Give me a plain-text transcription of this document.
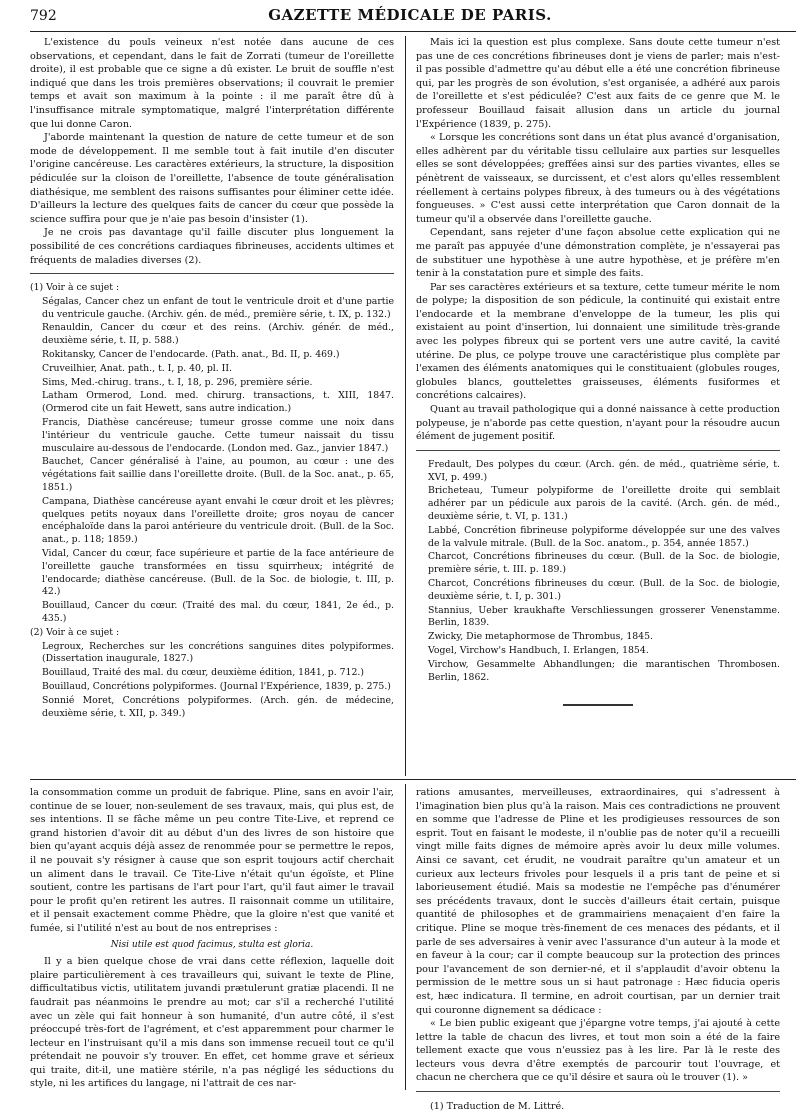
792	GAZETTE MÉDICALE DE PARIS.

L'existence du pouls veineux n'est notée dans aucune de ces observations, et cependant, dans le fait de Zorrati (tumeur de l'oreillette droite), il est probable que ce signe a dû exister. Le bruit de souffle n'est indiqué que dans les trois premières observations; il couvrait le premier temps et avait son maximum à la pointe : il me paraît être dû à l'insuffisance mitrale symptomatique, malgré l'interprétation différente que lui donne Caron.

J'aborde maintenant la question de nature de cette tumeur et de son mode de développement. Il me semble tout à fait inutile d'en discuter l'origine cancéreuse. Les caractères extérieurs, la structure, la disposition pédiculée sur la cloison de l'oreillette, l'absence de toute généralisation diathésique, me semblent des raisons suffisantes pour éliminer cette idée. D'ailleurs la lecture des quelques faits de cancer du cœur que possède la science suffira pour que je n'aie pas besoin d'insister (1).

Je ne crois pas davantage qu'il faille discuter plus longuement la possibilité de ces concrétions cardiaques fibrineuses, accidents ultimes et fréquents de maladies diverses (2).

(1) Voir à ce sujet :

Ségalas, Cancer chez un enfant de tout le ventricule droit et d'une partie du ventricule gauche. (Archiv. gén. de méd., première série, t. IX, p. 132.)

Renauldin, Cancer du cœur et des reins. (Archiv. génér. de méd., deuxième série, t. II, p. 588.)

Rokitansky, Cancer de l'endocarde. (Path. anat., Bd. II, p. 469.)

Cruveilhier, Anat. path., t. I, p. 40, pl. II.

Sims, Med.-chirug. trans., t. I, 18, p. 296, première série.

Latham Ormerod, Lond. med. chirurg. transactions, t. XIII, 1847. (Ormerod cite un fait Hewett, sans autre indication.)

Francis, Diathèse cancéreuse; tumeur grosse comme une noix dans l'intérieur du ventricule gauche. Cette tumeur naissait du tissu musculaire au-dessous de l'endocarde. (London med. Gaz., janvier 1847.)

Bauchet, Cancer généralisé à l'aine, au poumon, au cœur : une des végétations fait saillie dans l'oreillette droite. (Bull. de la Soc. anat., p. 65, 1851.)

Campana, Diathèse cancéreuse ayant envahi le cœur droit et les plèvres; quelques petits noyaux dans l'oreillette droite; gros noyau de cancer encéphaloïde dans la paroi antérieure du ventricule droit. (Bull. de la Soc. anat., p. 118; 1859.)

Vidal, Cancer du cœur, face supérieure et partie de la face antérieure de l'oreillette gauche transformées en tissu squirrheux; intégrité de l'endocarde; diathèse cancéreuse. (Bull. de la Soc. de biologie, t. III, p. 42.)

Bouillaud, Cancer du cœur. (Traité des mal. du cœur, 1841, 2e éd., p. 435.)

(2) Voir à ce sujet :

Legroux, Recherches sur les concrétions sanguines dites polypiformes. (Dissertation inaugurale, 1827.)

Bouillaud, Traité des mal. du cœur, deuxième édition, 1841, p. 712.)

Bouillaud, Concrétions polypiformes. (Journal l'Expérience, 1839, p. 275.)

Sonnié Moret, Concrétions polypiformes. (Arch. gén. de médecine, deuxième série, t. XII, p. 349.)

Mais ici la question est plus complexe. Sans doute cette tumeur n'est pas une de ces concrétions fibrineuses dont je viens de parler; mais n'est-il pas possible d'admettre qu'au début elle a été une concrétion fibrineuse qui, par les progrès de son évolution, s'est organisée, a adhéré aux parois de l'oreillette et s'est pédiculée? C'est aux faits de ce genre que M. le professeur Bouillaud faisait allusion dans un article du journal l'Expérience (1839, p. 275).

« Lorsque les concrétions sont dans un état plus avancé d'organisation, elles adhèrent par du véritable tissu cellulaire aux parties sur lesquelles elles se sont développées; greffées ainsi sur des parties vivantes, elles se pénètrent de vaisseaux, se durcissent, et c'est alors qu'elles ressemblent réellement à certains polypes fibreux, à des tumeurs ou à des végétations fongueuses. » C'est aussi cette interprétation que Caron donnait de la tumeur qu'il a observée dans l'oreillette gauche.

Cependant, sans rejeter d'une façon absolue cette explication qui ne me paraît pas appuyée d'une démonstration complète, je n'essayerai pas de substituer une hypothèse à une autre hypothèse, et je préfère m'en tenir à la constatation pure et simple des faits.

Par ses caractères extérieurs et sa texture, cette tumeur mérite le nom de polype; la disposition de son pédicule, la continuité qui existait entre l'endocarde et la membrane d'enveloppe de la tumeur, les plis qui existaient au point d'insertion, lui donnaient une similitude très-grande avec les polypes fibreux qui se portent vers une autre cavité, la cavité utérine. De plus, ce polype trouve une caractéristique plus complète par l'examen des éléments anatomiques qui le constituaient (globules rouges, globules blancs, gouttelettes graisseuses, éléments fusiformes et concrétions calcaires).

Quant au travail pathologique qui a donné naissance à cette production polypeuse, je n'aborde pas cette question, n'ayant pour la résoudre aucun élément de jugement positif.

Fredault, Des polypes du cœur. (Arch. gén. de méd., quatrième série, t. XVI, p. 499.)

Bricheteau, Tumeur polypiforme de l'oreillette droite qui semblait adhérer par un pédicule aux parois de la cavité. (Arch. gén. de méd., deuxième série, t. VI, p. 131.)

Labbé, Concrétion fibrineuse polypiforme développée sur une des valves de la valvule mitrale. (Bull. de la Soc. anatom., p. 354, année 1857.)

Charcot, Concrétions fibrineuses du cœur. (Bull. de la Soc. de biologie, première série, t. III. p. 189.)

Charcot, Concrétions fibrineuses du cœur. (Bull. de la Soc. de biologie, deuxième série, t. I, p. 301.)

Stannius, Ueber kraukhafte Verschliessungen grosserer Venenstamme. Berlin, 1839.

Zwicky, Die metaphormose de Thrombus, 1845.

Vogel, Virchow's Handbuch, I. Erlangen, 1854.

Virchow, Gesammelte Abhandlungen; die marantischen Thrombosen. Berlin, 1862.

la consommation comme un produit de fabrique. Pline, sans en avoir l'air, continue de se louer, non-seulement de ses travaux, mais, qui plus est, de ses intentions. Il se fâche même un peu contre Tite-Live, et reprend ce grand historien d'avoir dit au début d'un des livres de son histoire que bien qu'ayant acquis déjà assez de renommée pour se permettre le repos, il ne pouvait s'y résigner à cause que son esprit toujours actif cherchait un aliment dans le travail. Ce Tite-Live n'était qu'un égoïste, et Pline soutient, contre les partisans de l'art pour l'art, qu'il faut aimer le travail pour le profit qu'en retirent les autres. Il raisonnait comme un utilitaire, et il pensait exactement comme Phèdre, que la gloire n'est que vanité et fumée, si l'utilité n'est au bout de nos entreprises :

Nisi utile est quod facimus, stulta est gloria.

Il y a bien quelque chose de vrai dans cette réflexion, laquelle doit plaire particulièrement à ces travailleurs qui, suivant le texte de Pline, difficultatibus victis, utilitatem juvandi prætulerunt gratiæ placendi. Il ne faudrait pas néanmoins le prendre au mot; car s'il a recherché l'utilité avec un zèle qui fait honneur à son humanité, d'un autre côté, il s'est préoccupé très-fort de l'agrément, et c'est apparemment pour charmer le lecteur en l'instruisant qu'il a mis dans son immense recueil tout ce qu'il prétendait ne pouvoir s'y trouver. En effet, cet homme grave et sérieux qui traite, dit-il, une matière stérile, n'a pas négligé les séductions du style, ni les artifices du langage, ni l'attrait de ces nar-

rations amusantes, merveilleuses, extraordinaires, qui s'adressent à l'imagination bien plus qu'à la raison. Mais ces contradictions ne prouvent en somme que l'adresse de Pline et les prodigieuses ressources de son esprit. Tout en faisant le modeste, il n'oublie pas de noter qu'il a recueilli vingt mille faits dignes de mémoire après avoir lu deux mille volumes. Ainsi ce savant, cet érudit, ne voudrait paraître qu'un amateur et un curieux aux lecteurs frivoles pour lesquels il a pris tant de peine et si laborieusement étudié. Mais sa modestie ne l'empêche pas d'énumérer ses précédents travaux, dont le succès d'ailleurs était certain, puisque quantité de philosophes et de grammairiens menaçaient d'en faire la critique. Pline se moque très-finement de ces menaces des pédants, et il parle de ses adversaires à venir avec l'assurance d'un auteur à la mode et en faveur à la cour; car il compte beaucoup sur la protection des princes pour l'avancement de son dernier-né, et il s'applaudit d'avoir obtenu la permission de le mettre sous un si haut patronage : Hæc fiducia operis est, hæc indicatura. Il termine, en adroit courtisan, par un dernier trait qui couronne dignement sa dédicace :

« Le bien public exigeant que j'épargne votre temps, j'ai ajouté à cette lettre la table de chacun des livres, et tout mon soin a été de la faire tellement exacte que vous n'eussiez pas à les lire. Par là le reste des lecteurs vous devra d'être exemptés de parcourir tout l'ouvrage, et chacun ne cherchera que ce qu'il désire et saura où le trouver (1). »

(1) Traduction de M. Littré.
